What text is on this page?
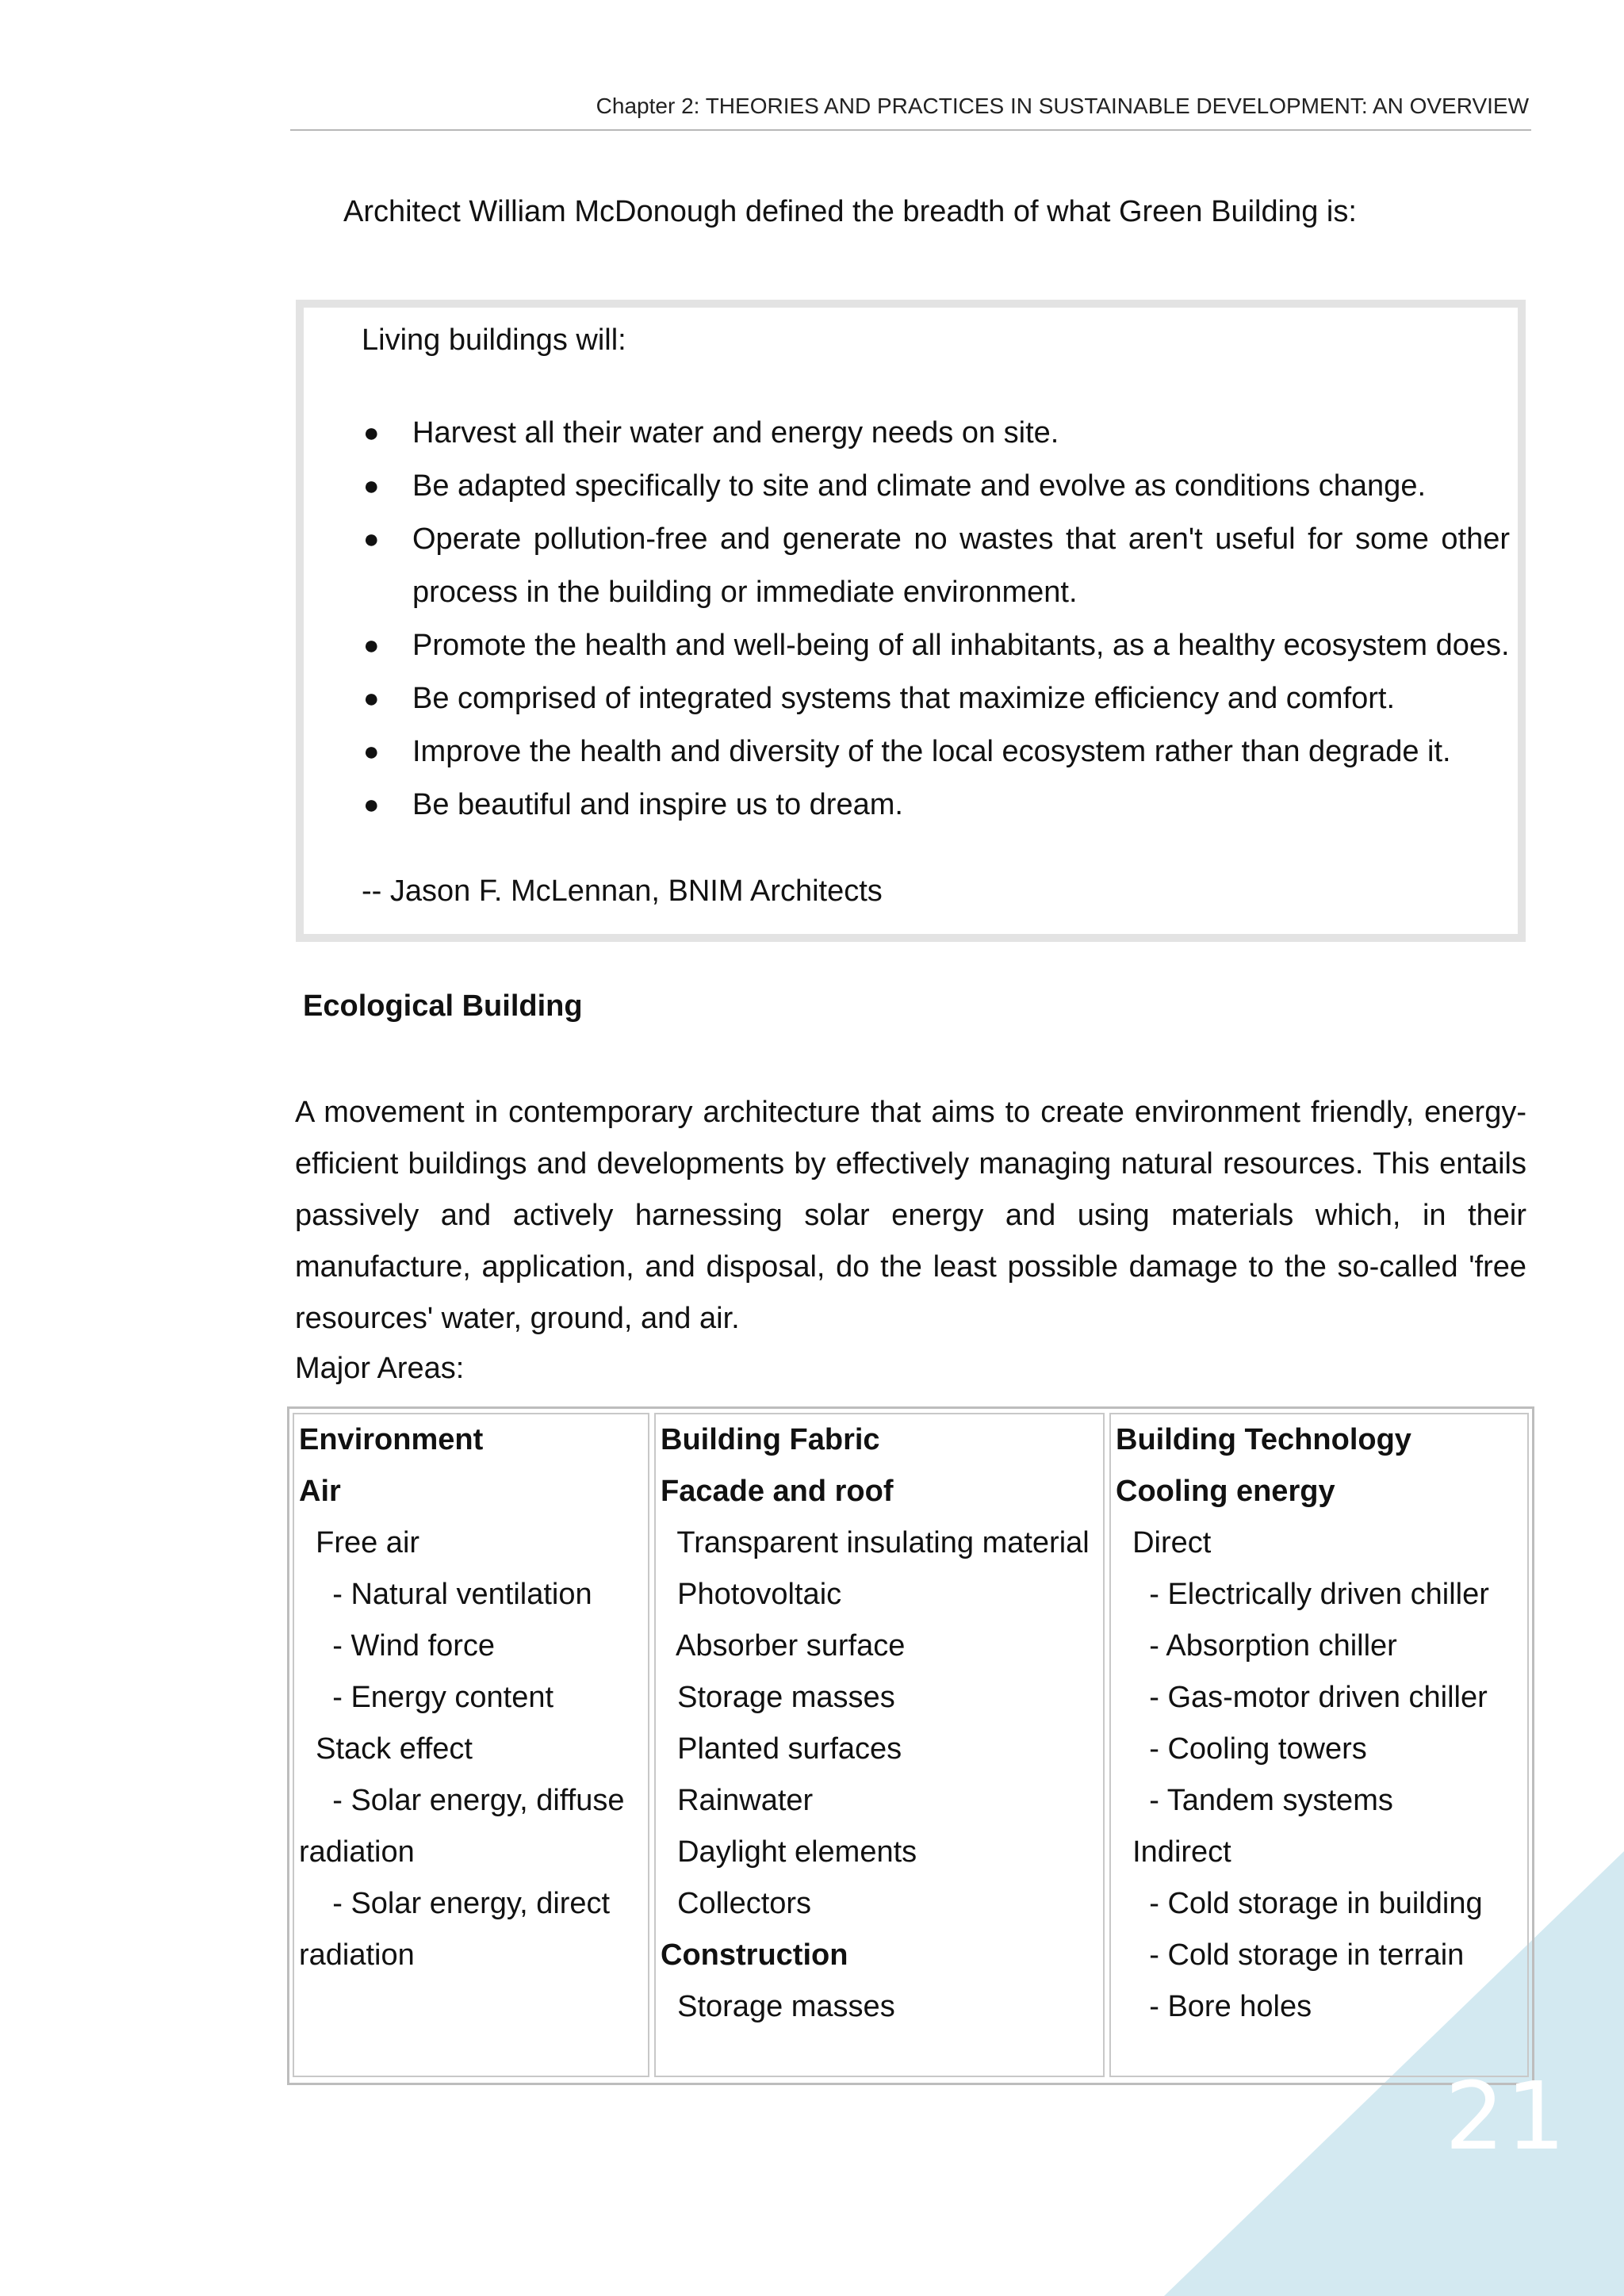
Chapter 2: THEORIES AND PRACTICES IN SUSTAINABLE DEVELOPMENT: AN OVERVIEW

Architect William McDonough defined the breadth of what Green Building is:

Living buildings will:

● Harvest all their water and energy needs on site.
● Be adapted specifically to site and climate and evolve as conditions change.
● Operate pollution-free and generate no wastes that aren't useful for some other process in the building or immediate environment.
● Promote the health and well-being of all inhabitants, as a healthy ecosystem does.
● Be comprised of integrated systems that maximize efficiency and comfort.
● Improve the health and diversity of the local ecosystem rather than degrade it.
● Be beautiful and inspire us to dream.

-- Jason F. McLennan, BNIM Architects

Ecological Building

A movement in contemporary architecture that aims to create environment friendly, energy-efficient buildings and developments by effectively managing natural resources. This entails passively and actively harnessing solar energy and using materials which, in their manufacture, application, and disposal, do the least possible damage to the so-called 'free resources' water, ground, and air.

Major Areas:

Environment

Air

Free air

- Natural ventilation

- Wind force

- Energy content

Stack effect

- Solar energy, diffuse

radiation

- Solar energy, direct

radiation

Building Fabric

Facade and roof

Transparent insulating material

Photovoltaic

Absorber surface

Storage masses

Planted surfaces

Rainwater

Daylight elements

Collectors

Construction

Storage masses

Building Technology

Cooling energy

Direct

- Electrically driven chiller

- Absorption chiller

- Gas-motor driven chiller

- Cooling towers

- Tandem systems

Indirect

- Cold storage in building

- Cold storage in terrain

- Bore holes

21
